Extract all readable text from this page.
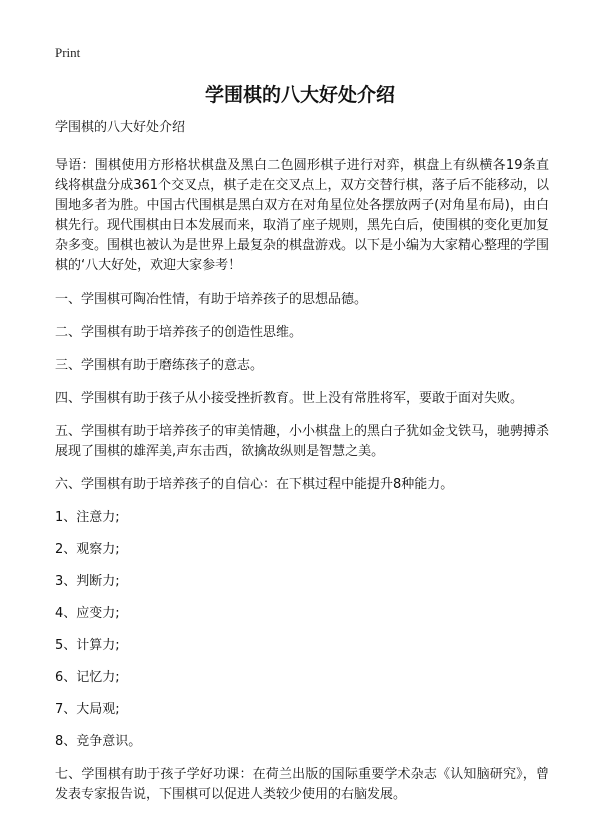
Print
学围棋的八大好处介绍

学围棋的八大好处介绍

导语：围棋使用方形格状棋盘及黑白二色圆形棋子进行对弈，棋盘上有纵横各19条直线将棋盘分成361个交叉点，棋子走在交叉点上，双方交替行棋，落子后不能移动，以围地多者为胜。中国古代围棋是黑白双方在对角星位处各摆放两子(对角星布局)，由白棋先行。现代围棋由日本发展而来，取消了座子规则，黑先白后，使围棋的变化更加复杂多变。围棋也被认为是世界上最复杂的棋盘游戏。以下是小编为大家精心整理的学围棋的‘八大好处，欢迎大家参考！

一、学围棋可陶冶性情，有助于培养孩子的思想品德。

二、学围棋有助于培养孩子的创造性思维。

三、学围棋有助于磨练孩子的意志。

四、学围棋有助于孩子从小接受挫折教育。世上没有常胜将军，要敢于面对失败。

五、学围棋有助于培养孩子的审美情趣，小小棋盘上的黑白子犹如金戈铁马，驰骋搏杀展现了围棋的雄浑美,声东击西，欲擒故纵则是智慧之美。

六、学围棋有助于培养孩子的自信心：在下棋过程中能提升8种能力。

1、注意力;
2、观察力;
3、判断力;
4、应变力;
5、计算力;
6、记忆力;
7、大局观;
8、竞争意识。

七、学围棋有助于孩子学好功课：在荷兰出版的国际重要学术杂志《认知脑研究》，曾发表专家报告说，下围棋可以促进人类较少使用的右脑发展。
